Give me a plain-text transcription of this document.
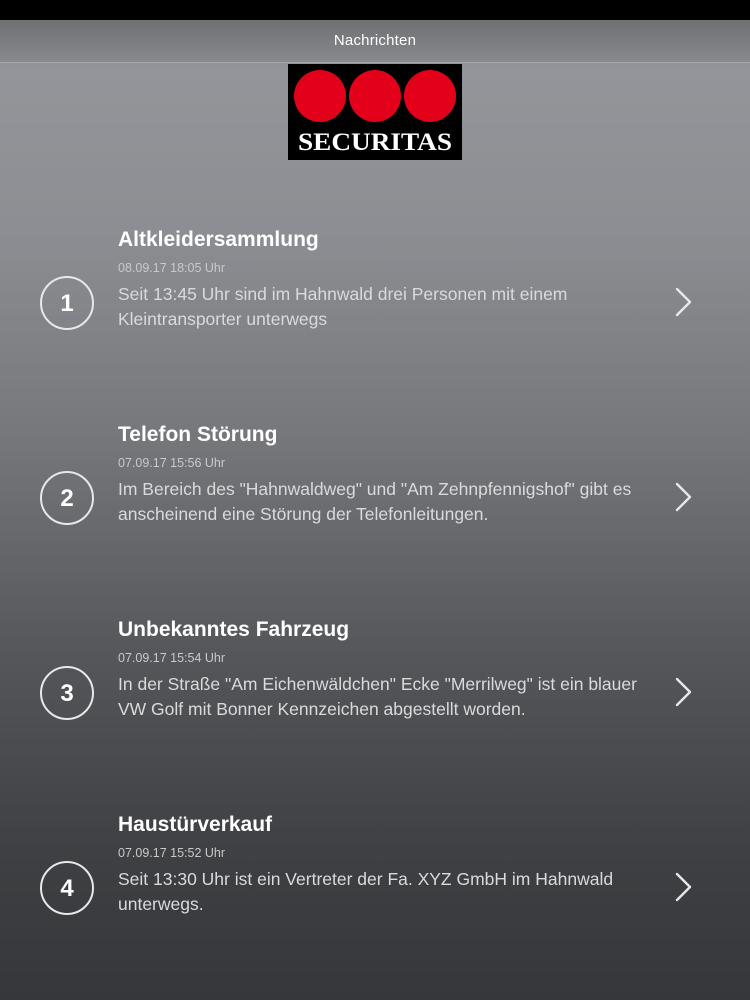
Nachrichten
SECURITAS
1
Altkleidersammlung
08.09.17 18:05 Uhr
Seit 13:45 Uhr sind im Hahnwald drei Personen mit einem Kleintransporter unterwegs
2
Telefon Störung
07.09.17 15:56 Uhr
Im Bereich des "Hahnwaldweg" und "Am Zehnpfennigshof" gibt es anscheinend eine Störung der Telefonleitungen.
3
Unbekanntes Fahrzeug
07.09.17 15:54 Uhr
In der Straße "Am Eichenwäldchen" Ecke "Merrilweg" ist ein blauer VW Golf mit Bonner Kennzeichen abgestellt worden.
4
Haustürverkauf
07.09.17 15:52 Uhr
Seit 13:30 Uhr ist ein Vertreter der Fa. XYZ GmbH im Hahnwald unterwegs.
